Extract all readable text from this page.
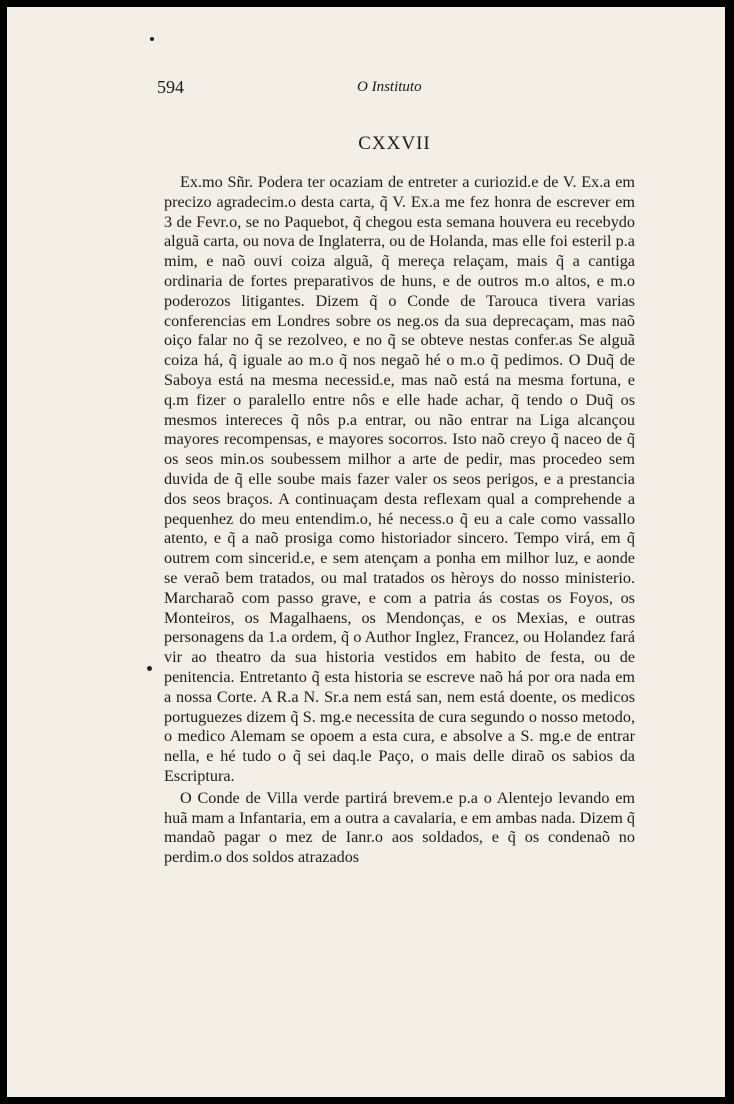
594	O Instituto
CXXVII

Ex.mo Sñr. Podera ter ocaziam de entreter a curiozid.e de V. Ex.a em precizo agradecim.o desta carta, q̃ V. Ex.a me fez honra de escrever em 3 de Fevr.o, se no Paquebot, q̃ chegou esta semana houvera eu recebydo alguã carta, ou nova de Inglaterra, ou de Holanda, mas elle foi esteril p.a mim, e naõ ouvi coiza alguã, q̃ mereça relaçam, mais q̃ a cantiga ordinaria de fortes preparativos de huns, e de outros m.o altos, e m.o poderozos litigantes. Dizem q̃ o Conde de Tarouca tivera varias conferencias em Londres sobre os neg.os da sua deprecaçam, mas naõ oiço falar no q̃ se rezolveo, e no q̃ se obteve nestas confer.as Se alguã coiza há, q̃ iguale ao m.o q̃ nos negaõ hé o m.o q̃ pedimos. O Duq̃ de Saboya está na mesma necessid.e, mas naõ está na mesma fortuna, e q.m fizer o paralello entre nôs e elle hade achar, q̃ tendo o Duq̃ os mesmos intereces q̃ nôs p.a entrar, ou não entrar na Liga alcançou mayores recompensas, e mayores socorros. Isto naõ creyo q̃ naceo de q̃ os seos min.os soubessem milhor a arte de pedir, mas procedeo sem duvida de q̃ elle soube mais fazer valer os seos perigos, e a prestancia dos seos braços. A continuaçam desta reflexam qual a comprehende a pequenhez do meu entendim.o, hé necess.o q̃ eu a cale como vassallo atento, e q̃ a naõ prosiga como historiador sincero. Tempo virá, em q̃ outrem com sincerid.e, e sem atençam a ponha em milhor luz, e aonde se veraõ bem tratados, ou mal tratados os hèroys do nosso ministerio. Marcharaõ com passo grave, e com a patria ás costas os Foyos, os Monteiros, os Magalhaens, os Mendonças, e os Mexias, e outras personagens da 1.a ordem, q̃ o Author Inglez, Francez, ou Holandez fará vir ao theatro da sua historia vestidos em habito de festa, ou de penitencia. Entretanto q̃ esta historia se escreve naõ há por ora nada em a nossa Corte. A R.a N. Sr.a nem está san, nem está doente, os medicos portuguezes dizem q̃ S. mg.e necessita de cura segundo o nosso metodo, o medico Alemam se opoem a esta cura, e absolve a S. mg.e de entrar nella, e hé tudo o q̃ sei daq.le Paço, o mais delle diraõ os sabios da Escriptura.

O Conde de Villa verde partirá brevem.e p.a o Alentejo levando em huã mam a Infantaria, em a outra a cavalaria, e em ambas nada. Dizem q̃ mandaõ pagar o mez de Ianr.o aos soldados, e q̃ os condenaõ no perdim.o dos soldos atrazados
